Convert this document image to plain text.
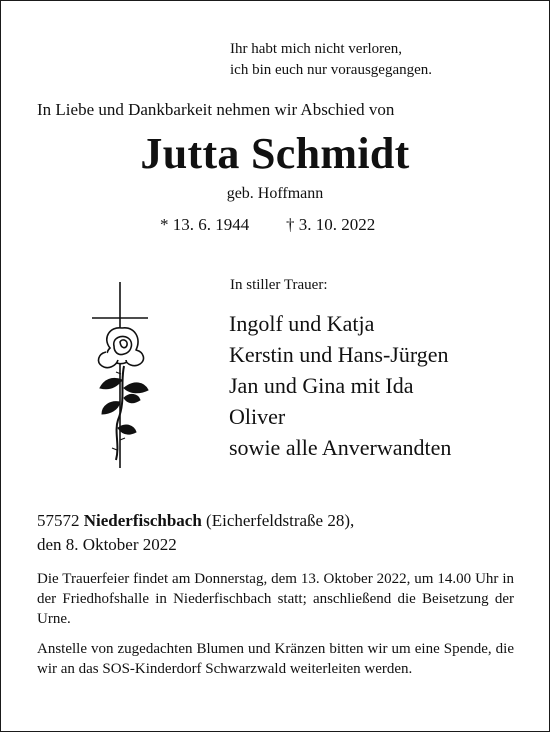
Ihr habt mich nicht verloren,
ich bin euch nur vorausgegangen.
In Liebe und Dankbarkeit nehmen wir Abschied von
Jutta Schmidt
geb. Hoffmann
* 13. 6. 1944 † 3. 10. 2022
In stiller Trauer:
Ingolf und Katja
Kerstin und Hans-Jürgen
Jan und Gina mit Ida
Oliver
sowie alle Anverwandten
57572 Niederfischbach (Eicherfeldstraße 28),
den 8. Oktober 2022
Die Trauerfeier findet am Donnerstag, dem 13. Oktober 2022, um 14.00 Uhr in der Friedhofshalle in Niederfischbach statt; anschließend die Beisetzung der Urne.
Anstelle von zugedachten Blumen und Kränzen bitten wir um eine Spende, die wir an das SOS-Kinderdorf Schwarzwald weiterleiten werden.
